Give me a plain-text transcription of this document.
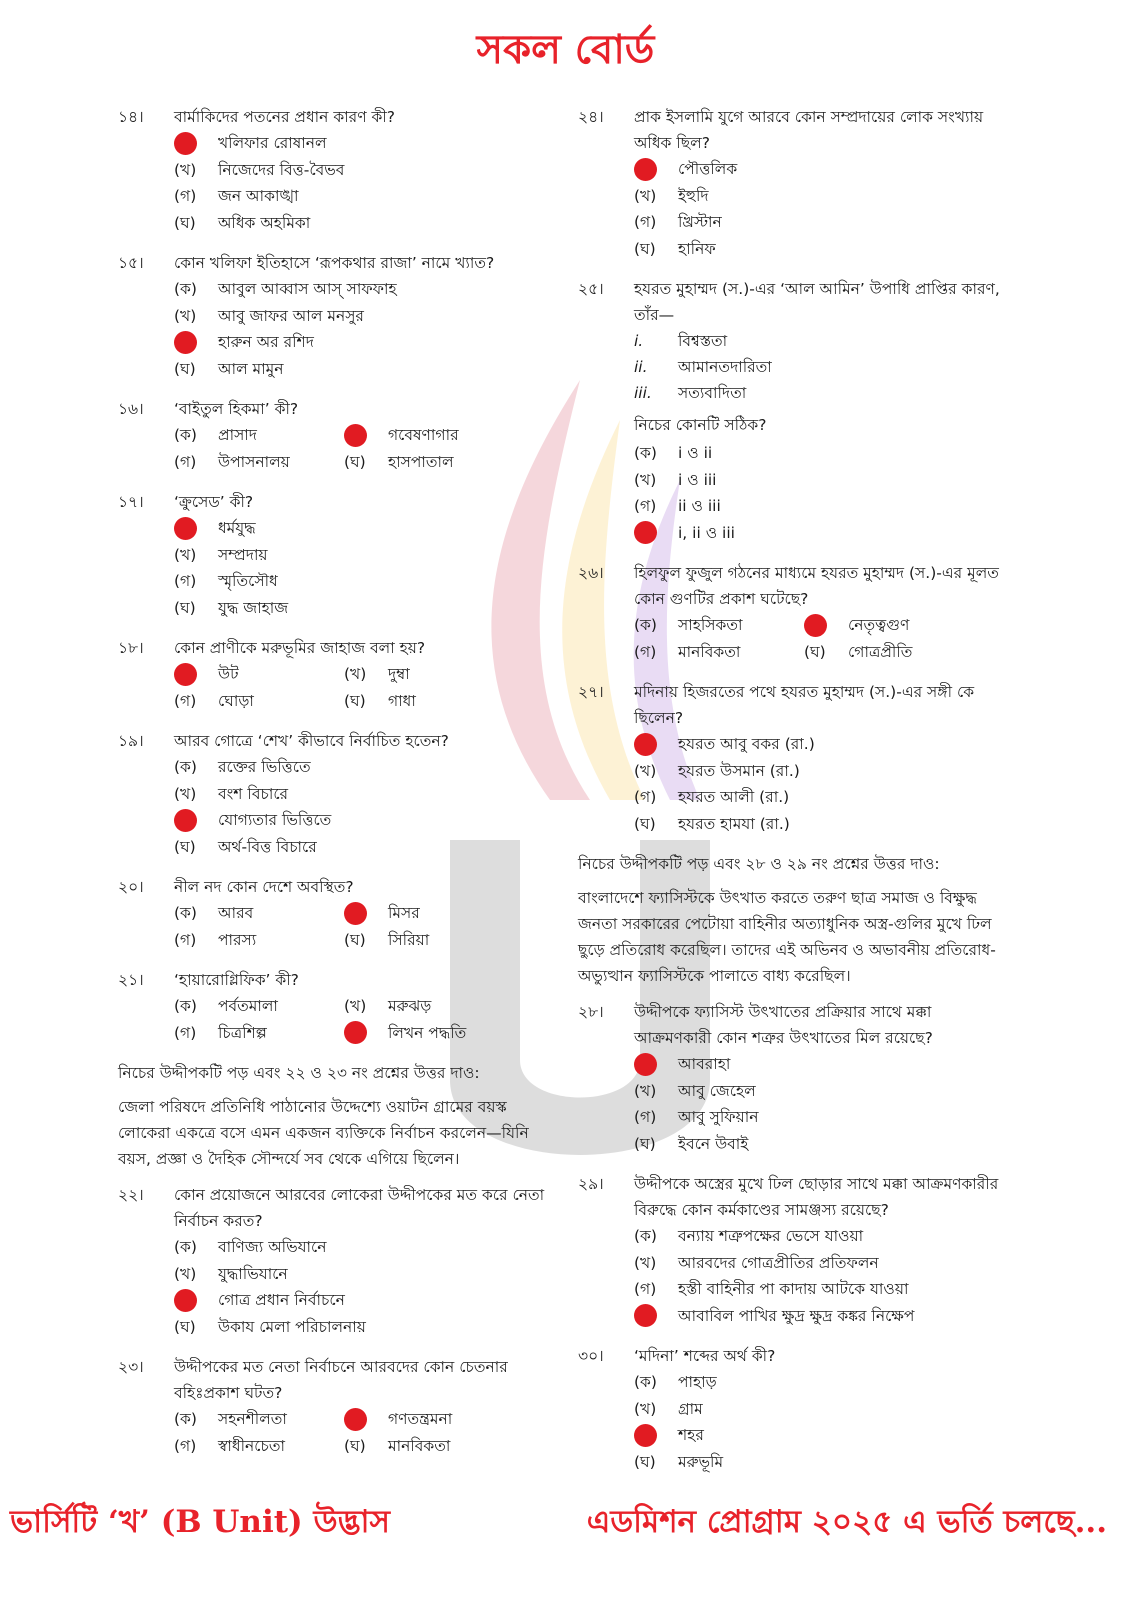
সকল বোর্ড
১৪।	বার্মাকিদের পতনের প্রধান কারণ কী?
খলিফার রোষানল
(খ)	নিজেদের বিত্ত-বৈভব
(গ)	জন আকাঙ্খা
(ঘ)	অধিক অহমিকা
১৫।	কোন খলিফা ইতিহাসে ‘রূপকথার রাজা’ নামে খ্যাত?
(ক)	আবুল আব্বাস আস্ সাফফাহ
(খ)	আবু জাফর আল মনসুর
হারুন অর রশিদ
(ঘ)	আল মামুন
১৬।	‘বাইতুল হিকমা’ কী?
(ক)	প্রাসাদ	গবেষণাগার
(গ)	উপাসনালয়	(ঘ)	হাসপাতাল
১৭।	‘ক্রুসেড’ কী?
ধর্মযুদ্ধ
(খ)	সম্প্রদায়
(গ)	স্মৃতিসৌধ
(ঘ)	যুদ্ধ জাহাজ
১৮।	কোন প্রাণীকে মরুভূমির জাহাজ বলা হয়?
উট	(খ)	দুম্বা
(গ)	ঘোড়া	(ঘ)	গাধা
১৯।	আরব গোত্রে ‘শেখ’ কীভাবে নির্বাচিত হতেন?
(ক)	রক্তের ভিত্তিতে
(খ)	বংশ বিচারে
যোগ্যতার ভিত্তিতে
(ঘ)	অর্থ-বিত্ত বিচারে
২০।	নীল নদ কোন দেশে অবস্থিত?
(ক)	আরব	মিসর
(গ)	পারস্য	(ঘ)	সিরিয়া
২১।	‘হায়ারোগ্লিফিক’ কী?
(ক)	পর্বতমালা	(খ)	মরুঝড়
(গ)	চিত্রশিল্প	লিখন পদ্ধতি
নিচের উদ্দীপকটি পড় এবং ২২ ও ২৩ নং প্রশ্নের উত্তর দাও:
জেলা পরিষদে প্রতিনিধি পাঠানোর উদ্দেশ্যে ওয়াটন গ্রামের বয়স্ক লোকেরা একত্রে বসে এমন একজন ব্যক্তিকে নির্বাচন করলেন—যিনি বয়স, প্রজ্ঞা ও দৈহিক সৌন্দর্যে সব থেকে এগিয়ে ছিলেন।
২২।	কোন প্রয়োজনে আরবের লোকেরা উদ্দীপকের মত করে নেতা নির্বাচন করত?
(ক)	বাণিজ্য অভিযানে
(খ)	যুদ্ধাভিযানে
গোত্র প্রধান নির্বাচনে
(ঘ)	উকায মেলা পরিচালনায়
২৩।	উদ্দীপকের মত নেতা নির্বাচনে আরবদের কোন চেতনার বহিঃপ্রকাশ ঘটত?
(ক)	সহনশীলতা	গণতন্ত্রমনা
(গ)	স্বাধীনচেতা	(ঘ)	মানবিকতা
২৪।	প্রাক ইসলামি যুগে আরবে কোন সম্প্রদায়ের লোক সংখ্যায় অধিক ছিল?
পৌত্তলিক
(খ)	ইহুদি
(গ)	খ্রিস্টান
(ঘ)	হানিফ
২৫।	হযরত মুহাম্মদ (স.)-এর ‘আল আমিন’ উপাধি প্রাপ্তির কারণ, তাঁর—
i.	বিশ্বস্ততা
ii.	আমানতদারিতা
iii.	সত্যবাদিতা
নিচের কোনটি সঠিক?
(ক)	i ও ii
(খ)	i ও iii
(গ)	ii ও iii
i, ii ও iii
২৬।	হিলফুল ফুজুল গঠনের মাধ্যমে হযরত মুহাম্মদ (স.)-এর মূলত কোন গুণটির প্রকাশ ঘটেছে?
(ক)	সাহসিকতা	নেতৃত্বগুণ
(গ)	মানবিকতা	(ঘ)	গোত্রপ্রীতি
২৭।	মদিনায় হিজরতের পথে হযরত মুহাম্মদ (স.)-এর সঙ্গী কে ছিলেন?
হযরত আবু বকর (রা.)
(খ)	হযরত উসমান (রা.)
(গ)	হযরত আলী (রা.)
(ঘ)	হযরত হামযা (রা.)
নিচের উদ্দীপকটি পড় এবং ২৮ ও ২৯ নং প্রশ্নের উত্তর দাও:
বাংলাদেশে ফ্যাসিস্টকে উৎখাত করতে তরুণ ছাত্র সমাজ ও বিক্ষুদ্ধ জনতা সরকারের পেটোয়া বাহিনীর অত্যাধুনিক অস্ত্র-গুলির মুখে ঢিল ছুড়ে প্রতিরোধ করেছিল। তাদের এই অভিনব ও অভাবনীয় প্রতিরোধ-অভ্যুত্থান ফ্যাসিস্টকে পালাতে বাধ্য করেছিল।
২৮।	উদ্দীপকে ফ্যাসিস্ট উৎখাতের প্রক্রিয়ার সাথে মক্কা আক্রমণকারী কোন শত্রুর উৎখাতের মিল রয়েছে?
আবরাহা
(খ)	আবু জেহেল
(গ)	আবু সুফিয়ান
(ঘ)	ইবনে উবাই
২৯।	উদ্দীপকে অস্ত্রের মুখে ঢিল ছোড়ার সাথে মক্কা আক্রমণকারীর বিরুদ্ধে কোন কর্মকাণ্ডের সামঞ্জস্য রয়েছে?
(ক)	বন্যায় শত্রুপক্ষের ভেসে যাওয়া
(খ)	আরবদের গোত্রপ্রীতির প্রতিফলন
(গ)	হস্তী বাহিনীর পা কাদায় আটকে যাওয়া
আবাবিল পাখির ক্ষুদ্র ক্ষুদ্র কঙ্কর নিক্ষেপ
৩০।	‘মদিনা’ শব্দের অর্থ কী?
(ক)	পাহাড়
(খ)	গ্রাম
শহর
(ঘ)	মরুভূমি
ভার্সিটি ‘খ’ (B Unit) উদ্ভাস	এডমিশন প্রোগ্রাম ২০২৫ এ ভর্তি চলছে...
